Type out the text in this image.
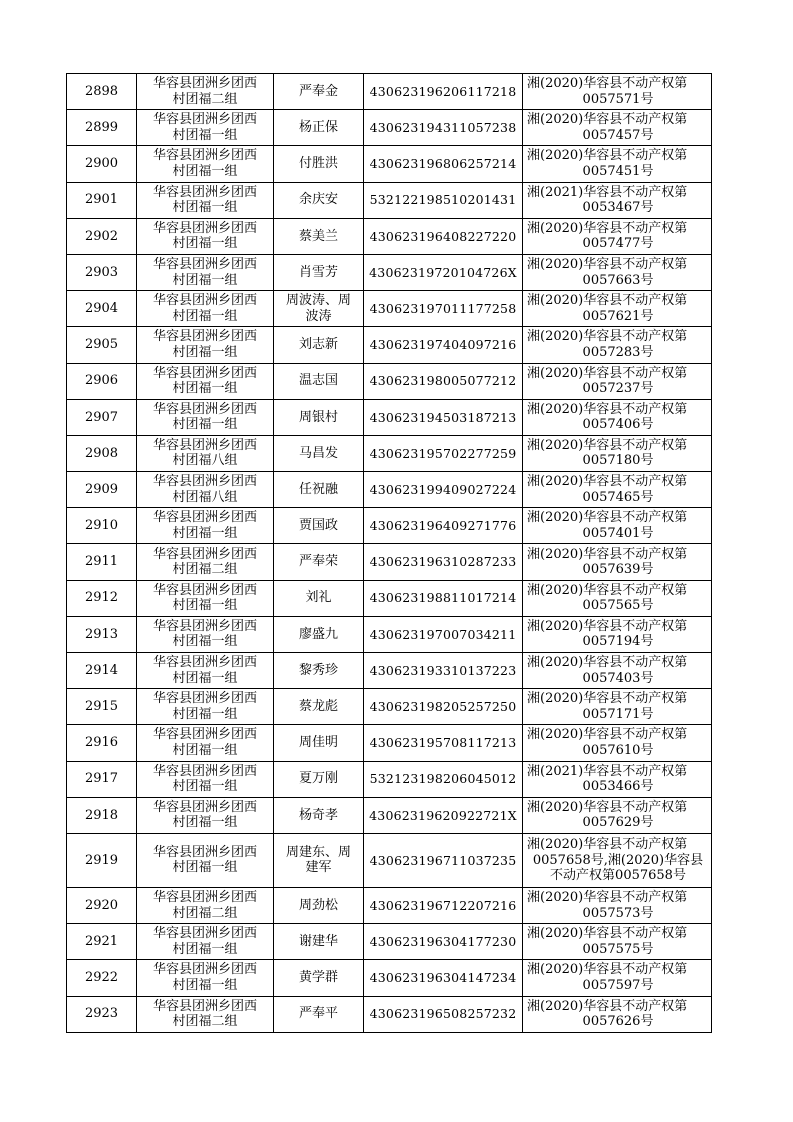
2898	华容县团洲乡团西
村团福二组	严奉金	430623196206117218	湘(2020)华容县不动产权第
0057571号

2899	华容县团洲乡团西
村团福一组	杨正保	430623194311057238	湘(2020)华容县不动产权第
0057457号

2900	华容县团洲乡团西
村团福一组	付胜洪	430623196806257214	湘(2020)华容县不动产权第
0057451号

2901	华容县团洲乡团西
村团福一组	余庆安	532122198510201431	湘(2021)华容县不动产权第
0053467号

2902	华容县团洲乡团西
村团福一组	蔡美兰	430623196408227220	湘(2020)华容县不动产权第
0057477号

2903	华容县团洲乡团西
村团福一组	肖雪芳	43062319720104726X	湘(2020)华容县不动产权第
0057663号

2904	华容县团洲乡团西
村团福一组	周波涛、周
波涛	430623197011177258	湘(2020)华容县不动产权第
0057621号

2905	华容县团洲乡团西
村团福一组	刘志新	430623197404097216	湘(2020)华容县不动产权第
0057283号

2906	华容县团洲乡团西
村团福一组	温志国	430623198005077212	湘(2020)华容县不动产权第
0057237号

2907	华容县团洲乡团西
村团福一组	周银村	430623194503187213	湘(2020)华容县不动产权第
0057406号

2908	华容县团洲乡团西
村团福八组	马昌发	430623195702277259	湘(2020)华容县不动产权第
0057180号

2909	华容县团洲乡团西
村团福八组	任祝融	430623199409027224	湘(2020)华容县不动产权第
0057465号

2910	华容县团洲乡团西
村团福一组	贾国政	430623196409271776	湘(2020)华容县不动产权第
0057401号

2911	华容县团洲乡团西
村团福二组	严奉荣	430623196310287233	湘(2020)华容县不动产权第
0057639号

2912	华容县团洲乡团西
村团福一组	刘礼	430623198811017214	湘(2020)华容县不动产权第
0057565号

2913	华容县团洲乡团西
村团福一组	廖盛九	430623197007034211	湘(2020)华容县不动产权第
0057194号

2914	华容县团洲乡团西
村团福一组	黎秀珍	430623193310137223	湘(2020)华容县不动产权第
0057403号

2915	华容县团洲乡团西
村团福一组	蔡龙彪	430623198205257250	湘(2020)华容县不动产权第
0057171号

2916	华容县团洲乡团西
村团福一组	周佳明	430623195708117213	湘(2020)华容县不动产权第
0057610号

2917	华容县团洲乡团西
村团福一组	夏万刚	532123198206045012	湘(2021)华容县不动产权第
0053466号

2918	华容县团洲乡团西
村团福一组	杨奇孝	43062319620922721X	湘(2020)华容县不动产权第
0057629号

2919	华容县团洲乡团西
村团福一组	周建东、周
建军	430623196711037235	湘(2020)华容县不动产权第
0057658号,湘(2020)华容县
不动产权第0057658号

2920	华容县团洲乡团西
村团福二组	周劲松	430623196712207216	湘(2020)华容县不动产权第
0057573号

2921	华容县团洲乡团西
村团福一组	谢建华	430623196304177230	湘(2020)华容县不动产权第
0057575号

2922	华容县团洲乡团西
村团福一组	黄学群	430623196304147234	湘(2020)华容县不动产权第
0057597号

2923	华容县团洲乡团西
村团福二组	严奉平	430623196508257232	湘(2020)华容县不动产权第
0057626号
